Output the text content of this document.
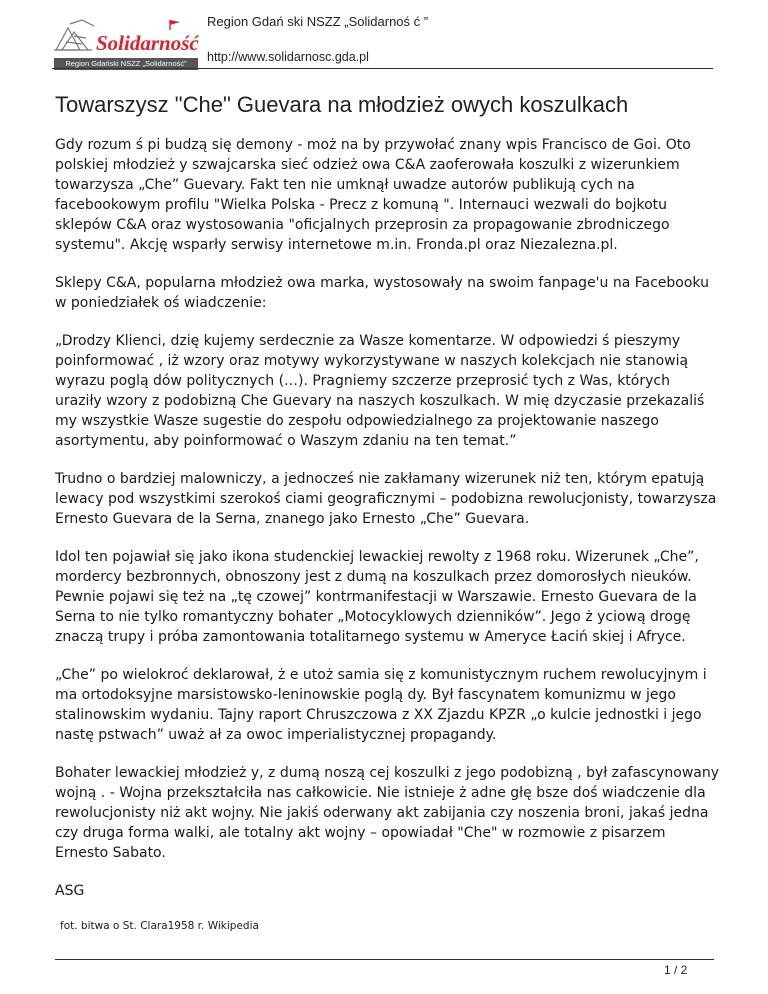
Solidarność
Region Gdański NSZZ „Solidarność”
Region Gdań ski NSZZ „Solidarnoś ć ”
http://www.solidarnosc.gda.pl
Towarszysz "Che" Guevara na młodzież owych koszulkach

Gdy rozum ś pi budzą się demony - moż na by przywołać znany wpis Francisco de Goi. Oto polskiej młodzież y szwajcarska sieć odzież owa C&A zaoferowała koszulki z wizerunkiem towarzysza „Che” Guevary. Fakt ten nie umknął uwadze autorów publikują cych na facebookowym profilu "Wielka Polska - Precz z komuną ". Internauci wezwali do bojkotu sklepów C&A oraz wystosowania "oficjalnych przeprosin za propagowanie zbrodniczego systemu". Akcję wsparły serwisy internetowe m.in. Fronda.pl oraz Niezalezna.pl.

Sklepy C&A, popularna młodzież owa marka, wystosowały na swoim fanpage'u na Facebooku w poniedziałek oś wiadczenie:

„Drodzy Klienci, dzię kujemy serdecznie za Wasze komentarze. W odpowiedzi ś pieszymy poinformować , iż wzory oraz motywy wykorzystywane w naszych kolekcjach nie stanowią wyrazu poglą dów politycznych (…). Pragniemy szczerze przeprosić tych z Was, których uraziły wzory z podobizną Che Guevary na naszych koszulkach. W mię dzyczasie przekazaliś my wszystkie Wasze sugestie do zespołu odpowiedzialnego za projektowanie naszego asortymentu, aby poinformować o Waszym zdaniu na ten temat.”

Trudno o bardziej malowniczy, a jednocześ nie zakłamany wizerunek niż ten, którym epatują lewacy pod wszystkimi szerokoś ciami geograficznymi – podobizna rewolucjonisty, towarzysza Ernesto Guevara de la Serna, znanego jako Ernesto „Che” Guevara.

Idol ten pojawiał się jako ikona studenckiej lewackiej rewolty z 1968 roku. Wizerunek „Che”, mordercy bezbronnych, obnoszony jest z dumą na koszulkach przez domorosłych nieuków. Pewnie pojawi się też na „tę czowej” kontrmanifestacji w Warszawie. Ernesto Guevara de la Serna to nie tylko romantyczny bohater „Motocyklowych dzienników”. Jego ż yciową drogę znaczą trupy i próba zamontowania totalitarnego systemu w Ameryce Łaciń skiej i Afryce.

„Che” po wielokroć deklarował, ż e utoż samia się z komunistycznym ruchem rewolucyjnym i ma ortodoksyjne marsistowsko-leninowskie poglą dy. Był fascynatem komunizmu w jego stalinowskim wydaniu. Tajny raport Chruszczowa z XX Zjazdu KPZR „o kulcie jednostki i jego nastę pstwach” uważ ał za owoc imperialistycznej propagandy.

Bohater lewackiej młodzież y, z dumą noszą cej koszulki z jego podobizną , był zafascynowany wojną . - Wojna przekształciła nas całkowicie. Nie istnieje ż adne głę bsze doś wiadczenie dla rewolucjonisty niż akt wojny. Nie jakiś oderwany akt zabijania czy noszenia broni, jakaś jedna czy druga forma walki, ale totalny akt wojny – opowiadał "Che" w rozmowie z pisarzem Ernesto Sabato.

ASG

fot. bitwa o St. Clara1958 r. Wikipedia

1 / 2
